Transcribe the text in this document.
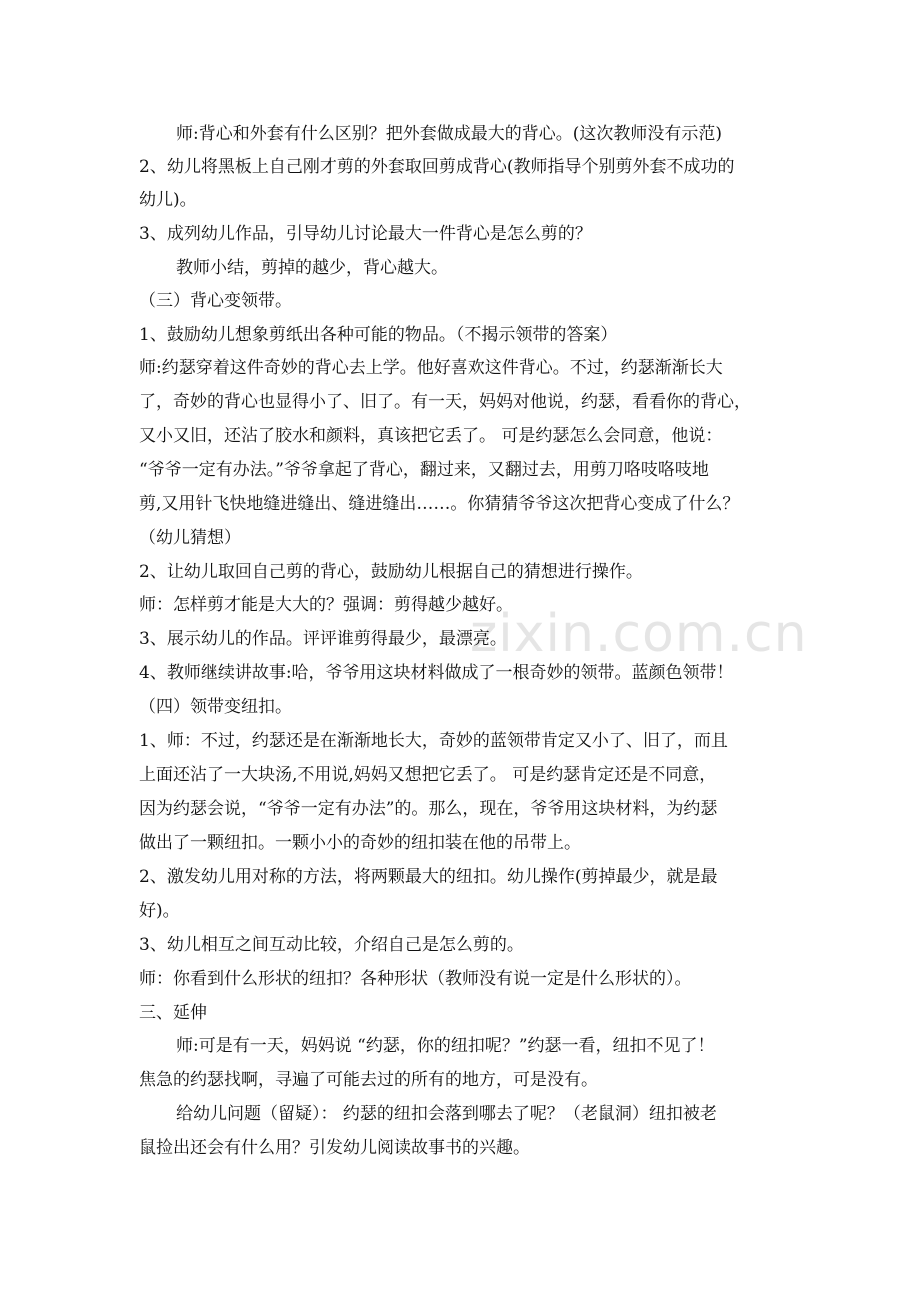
zixin.com.cn
师:背心和外套有什么区别？把外套做成最大的背心。(这次教师没有示范)
2、幼儿将黑板上自己刚才剪的外套取回剪成背心(教师指导个别剪外套不成功的
幼儿)。
3、成列幼儿作品，引导幼儿讨论最大一件背心是怎么剪的？
教师小结，剪掉的越少，背心越大。
（三）背心变领带。
1、鼓励幼儿想象剪纸出各种可能的物品。（不揭示领带的答案）
师:约瑟穿着这件奇妙的背心去上学。他好喜欢这件背心。不过，约瑟渐渐长大
了，奇妙的背心也显得小了、旧了。有一天，妈妈对他说，约瑟，看看你的背心，
又小又旧，还沾了胶水和颜料，真该把它丢了。 可是约瑟怎么会同意，他说：
“爷爷一定有办法。”爷爷拿起了背心，翻过来，又翻过去，用剪刀咯吱咯吱地
剪,又用针飞快地缝进缝出、缝进缝出……。你猜猜爷爷这次把背心变成了什么？
（幼儿猜想）
2、让幼儿取回自己剪的背心，鼓励幼儿根据自己的猜想进行操作。
师：怎样剪才能是大大的？强调：剪得越少越好。
3、展示幼儿的作品。评评谁剪得最少，最漂亮。
4、教师继续讲故事:哈，爷爷用这块材料做成了一根奇妙的领带。蓝颜色领带！
（四）领带变纽扣。
1、师：不过，约瑟还是在渐渐地长大，奇妙的蓝领带肯定又小了、旧了，而且
上面还沾了一大块汤,不用说,妈妈又想把它丢了。 可是约瑟肯定还是不同意，
因为约瑟会说，“爷爷一定有办法”的。那么，现在，爷爷用这块材料，为约瑟
做出了一颗纽扣。一颗小小的奇妙的纽扣装在他的吊带上。
2、激发幼儿用对称的方法，将两颗最大的纽扣。幼儿操作(剪掉最少，就是最
好)。
3、幼儿相互之间互动比较，介绍自己是怎么剪的。
师：你看到什么形状的纽扣？各种形状（教师没有说一定是什么形状的）。
三、延伸
师:可是有一天，妈妈说 “约瑟，你的纽扣呢？”约瑟一看，纽扣不见了！
焦急的约瑟找啊，寻遍了可能去过的所有的地方，可是没有。
给幼儿问题（留疑）： 约瑟的纽扣会落到哪去了呢？（老鼠洞）纽扣被老
鼠捡出还会有什么用？引发幼儿阅读故事书的兴趣。
